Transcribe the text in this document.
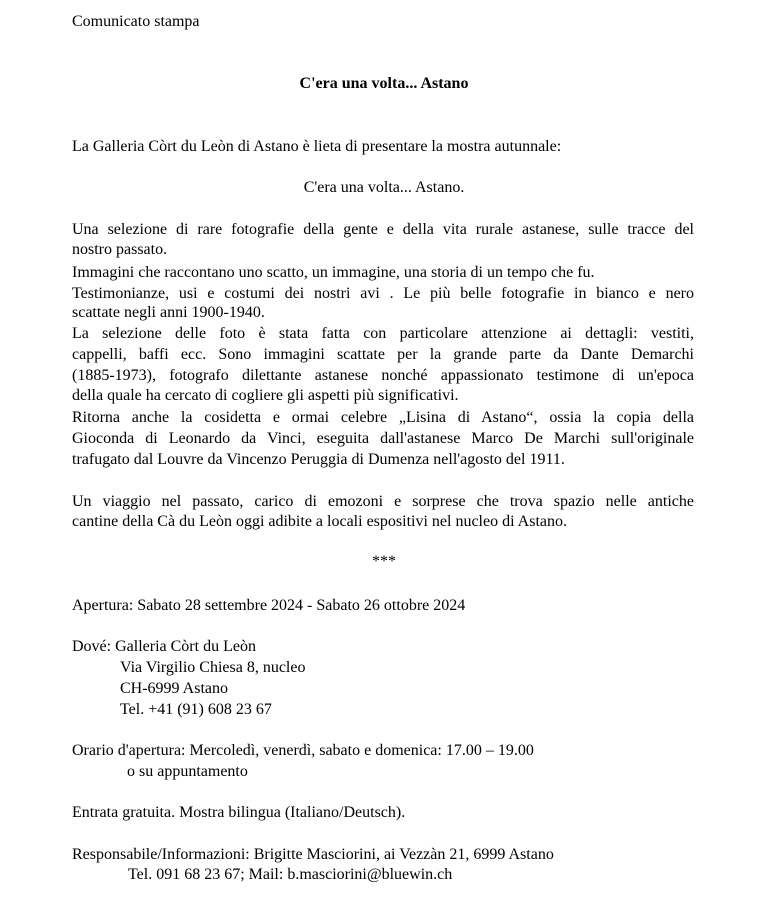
Comunicato stampa
C'era una volta... Astano
La Galleria Còrt du Leòn di Astano è lieta di presentare la mostra autunnale:
C'era una volta... Astano.
Una selezione di rare fotografie della gente e della vita rurale astanese, sulle tracce del
nostro passato.
Immagini che raccontano uno scatto, un immagine, una storia di un tempo che fu.
Testimonianze, usi e costumi dei nostri avi . Le più belle fotografie in bianco e nero
scattate negli anni 1900-1940.
La selezione delle foto è stata fatta con particolare attenzione ai dettagli: vestiti,
cappelli, baffi ecc. Sono immagini scattate per la grande parte da Dante Demarchi
(1885-1973), fotografo dilettante astanese nonché appassionato testimone di un'epoca
della quale ha cercato di cogliere gli aspetti più significativi.
Ritorna anche la cosidetta e ormai celebre „Lisina di Astano“, ossia la copia della
Gioconda di Leonardo da Vinci, eseguita dall'astanese Marco De Marchi sull'originale
trafugato dal Louvre da Vincenzo Peruggia di Dumenza nell'agosto del 1911.
Un viaggio nel passato, carico di emozoni e sorprese che trova spazio nelle antiche
cantine della Cà du Leòn oggi adibite a locali espositivi nel nucleo di Astano.
***
Apertura: Sabato 28 settembre 2024 - Sabato 26 ottobre 2024
Dové: Galleria Còrt du Leòn
Via Virgilio Chiesa 8, nucleo
CH-6999 Astano
Tel. +41 (91) 608 23 67
Orario d'apertura: Mercoledì, venerdì, sabato e domenica: 17.00 – 19.00
o su appuntamento
Entrata gratuita. Mostra bilingua (Italiano/Deutsch).
Responsabile/Informazioni: Brigitte Masciorini, ai Vezzàn 21, 6999 Astano
Tel. 091 68 23 67; Mail: b.masciorini@bluewin.ch
